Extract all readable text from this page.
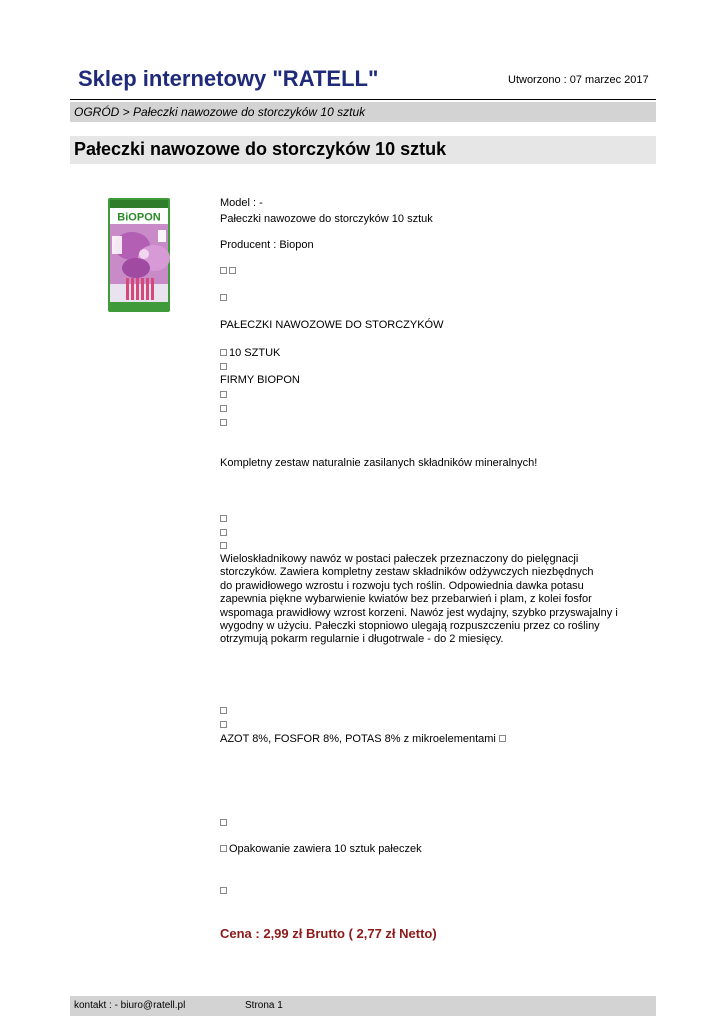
Sklep internetowy "RATELL"	Utworzono : 07 marzec 2017
OGRÓD > Pałeczki nawozowe do storczyków 10 sztuk
Pałeczki nawozowe do storczyków 10 sztuk
BiOPON
Model : -
Pałeczki nawozowe do storczyków 10 sztuk
Producent : Biopon
PAŁECZKI NAWOZOWE DO STORCZYKÓW
10 SZTUK
FIRMY BIOPON
Kompletny zestaw naturalnie zasilanych składników mineralnych!
Wieloskładnikowy nawóz w postaci pałeczek przeznaczony do pielęgnacji
storczyków. Zawiera kompletny zestaw składników odżywczych niezbędnych
do prawidłowego wzrostu i rozwoju tych roślin. Odpowiednia dawka potasu
zapewnia piękne wybarwienie kwiatów bez przebarwień i plam, z kolei fosfor
wspomaga prawidłowy wzrost korzeni. Nawóz jest wydajny, szybko przyswajalny i
wygodny w użyciu. Pałeczki stopniowo ulegają rozpuszczeniu przez co rośliny
otrzymują pokarm regularnie i długotrwale - do 2 miesięcy.
AZOT 8%, FOSFOR 8%, POTAS 8% z mikroelementami
Opakowanie zawiera 10 sztuk pałeczek
Cena : 2,99 zł Brutto ( 2,77 zł Netto)
kontakt : - biuro@ratell.pl	Strona 1
